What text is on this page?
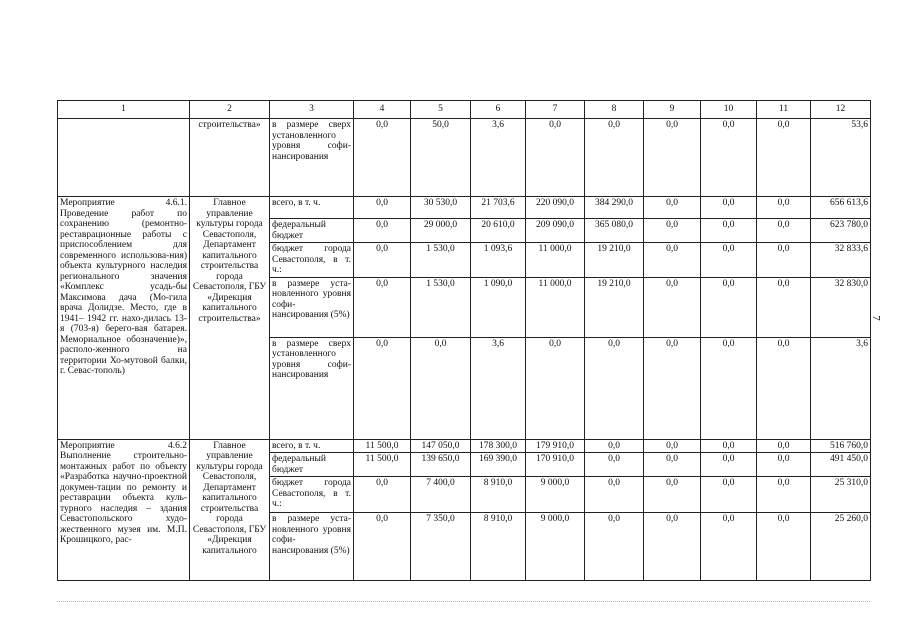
1	2	3	4	5	6	7	8	9	10	11	12
	строительства»	в размере сверх установленного уровня софи-нансирования	0,0	50,0	3,6	0,0	0,0	0,0	0,0	0,0	53,6
Мероприятие 4.6.1. Проведение работ по сохранению (ремонтно-реставрационные работы с приспособлением для современного использова-ния) объекта культурного наследия регионального значения «Комплекс усадь-бы Максимова дача (Мо-гила врача Долидзе. Место, где в 1941– 1942 гг. нахо-дилась 13-я (703-я) берего-вая батарея. Мемориальное обозначение)», располо-женного на территории Хо-мутовой балки, г. Севас-тополь)	Главное управление культуры города Севастополя, Департамент капитального строительства города Севастополя, ГБУ «Дирекция капитального строительства»	всего, в т. ч.	0,0	30 530,0	21 703,6	220 090,0	384 290,0	0,0	0,0	0,0	656 613,6
		федеральный бюджет	0,0	29 000,0	20 610,0	209 090,0	365 080,0	0,0	0,0	0,0	623 780,0
		бюджет города Севастополя, в т. ч.:	0,0	1 530,0	1 093,6	11 000,0	19 210,0	0,0	0,0	0,0	32 833,6
		в размере уста-новленного уровня софи-нансирования (5%)	0,0	1 530,0	1 090,0	11 000,0	19 210,0	0,0	0,0	0,0	32 830,0
		в размере сверх установленного уровня софи-нансирования	0,0	0,0	3,6	0,0	0,0	0,0	0,0	0,0	3,6
Мероприятие 4.6.2 Выполнение строительно-монтажных работ по объекту «Разработка научно-проектной докумен-тации по ремонту и реставрации объекта куль-турного наследия – здания Севастопольского худо-жественного музея им. М.П. Крошицкого, рас-	Главное управление культуры города Севастополя, Департамент капитального строительства города Севастополя, ГБУ «Дирекция капитального	всего, в т. ч.	11 500,0	147 050,0	178 300,0	179 910,0	0,0	0,0	0,0	0,0	516 760,0
		федеральный бюджет	11 500,0	139 650,0	169 390,0	170 910,0	0,0	0,0	0,0	0,0	491 450,0
		бюджет города Севастополя, в т. ч.:	0,0	7 400,0	8 910,0	9 000,0	0,0	0,0	0,0	0,0	25 310,0
		в размере уста-новленного уровня софи-нансирования (5%)	0,0	7 350,0	8 910,0	9 000,0	0,0	0,0	0,0	0,0	25 260,0
7
